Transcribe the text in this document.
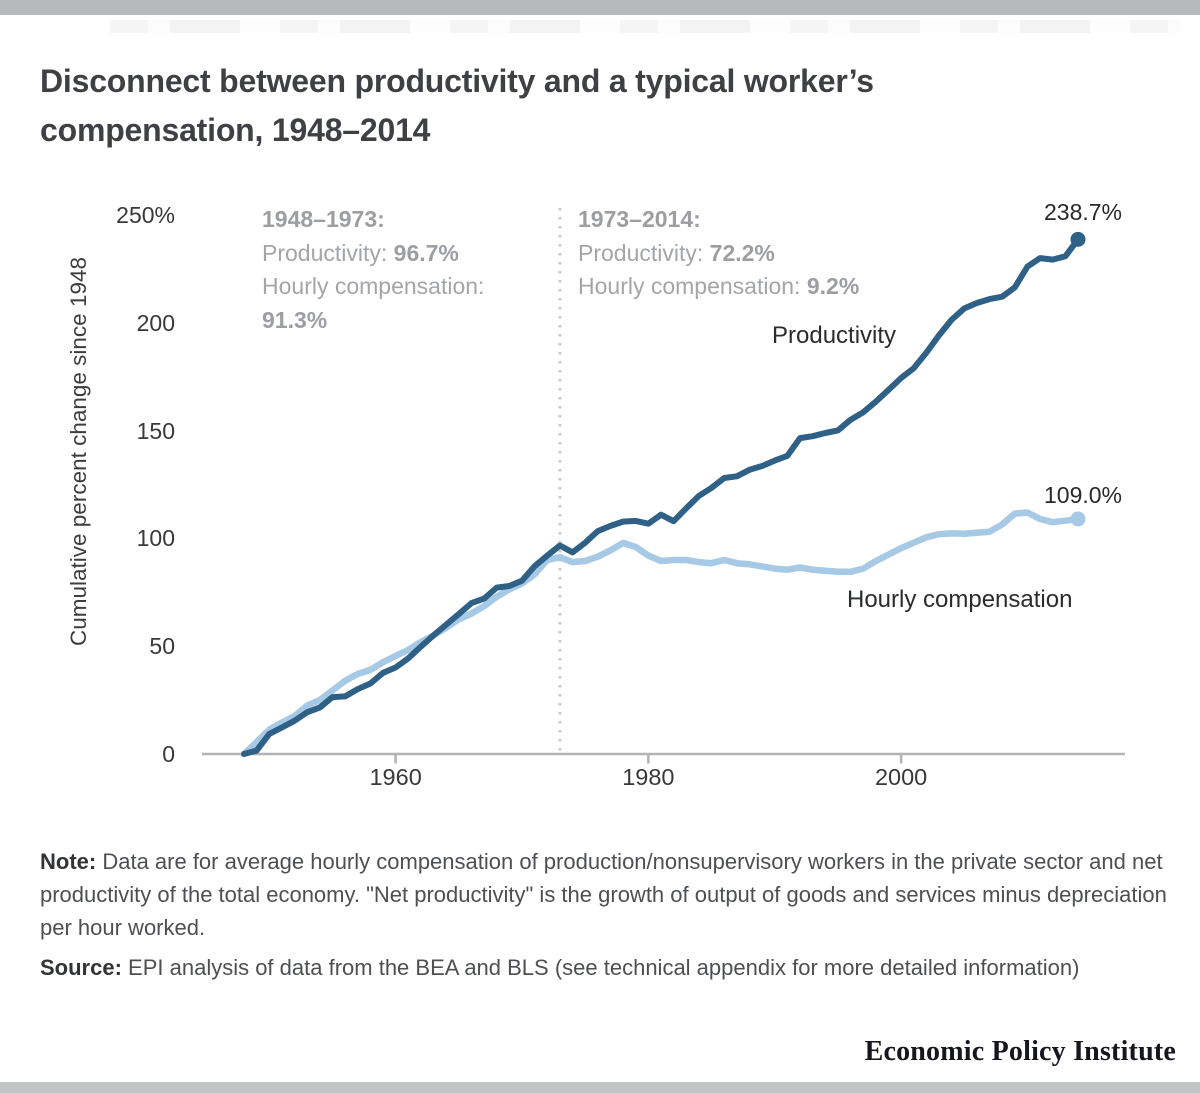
Disconnect between productivity and a typical worker’s compensation, 1948–2014
Cumulative percent change since 1948
250%
200
150
100
50
0
1960	1980	2000
1948–1973:
Productivity: 96.7%
Hourly compensation:
91.3%
1973–2014:
Productivity: 72.2%
Hourly compensation: 9.2%
Productivity
Hourly compensation
238.7%
109.0%

Note: Data are for average hourly compensation of production/nonsupervisory workers in the private sector and net productivity of the total economy. "Net productivity" is the growth of output of goods and services minus depreciation per hour worked.

Source: EPI analysis of data from the BEA and BLS (see technical appendix for more detailed information)

Economic Policy Institute
